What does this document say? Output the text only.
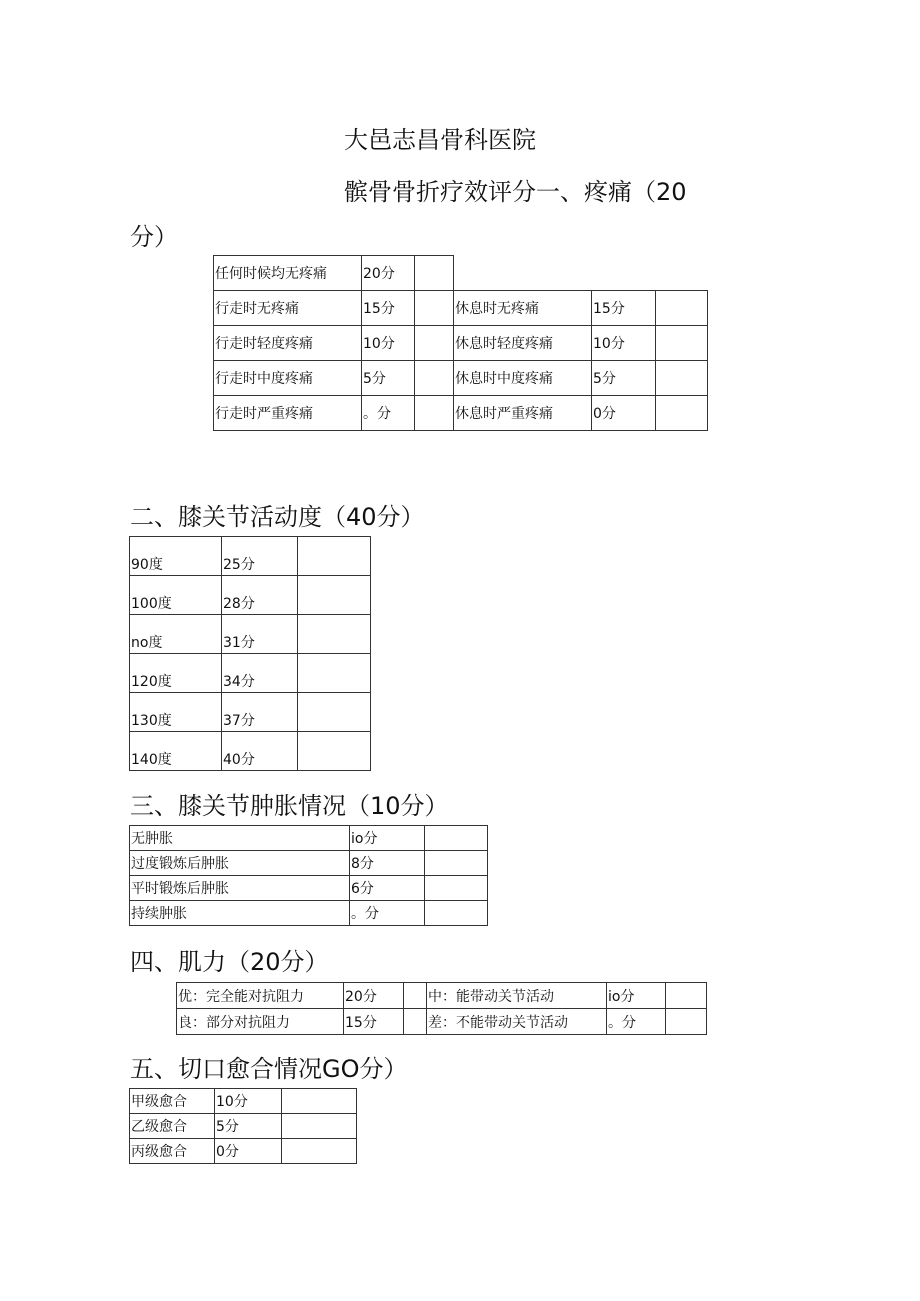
大邑志昌骨科医院
髌骨骨折疗效评分一、疼痛（20
分）
任何时候均无疼痛	20分				
行走时无疼痛	15分		休息时无疼痛	15分	
行走时轻度疼痛	10分		休息时轻度疼痛	10分	
行走时中度疼痛	5分		休息时中度疼痛	5分	
行走时严重疼痛	。分		休息时严重疼痛	0分	
二、膝关节活动度（40分）
90度	25分	
100度	28分	
no度	31分	
120度	34分	
130度	37分	
140度	40分	
三、膝关节肿胀情况（10分）
无肿胀	io分	
过度锻炼后肿胀	8分	
平时锻炼后肿胀	6分	
持续肿胀	。分	
四、肌力（20分）
优：完全能对抗阻力	20分		中：能带动关节活动	io分	
良：部分对抗阻力	15分		差：不能带动关节活动	。分	
五、切口愈合情况GO分）
甲级愈合	10分	
乙级愈合	5分	
丙级愈合	0分	
